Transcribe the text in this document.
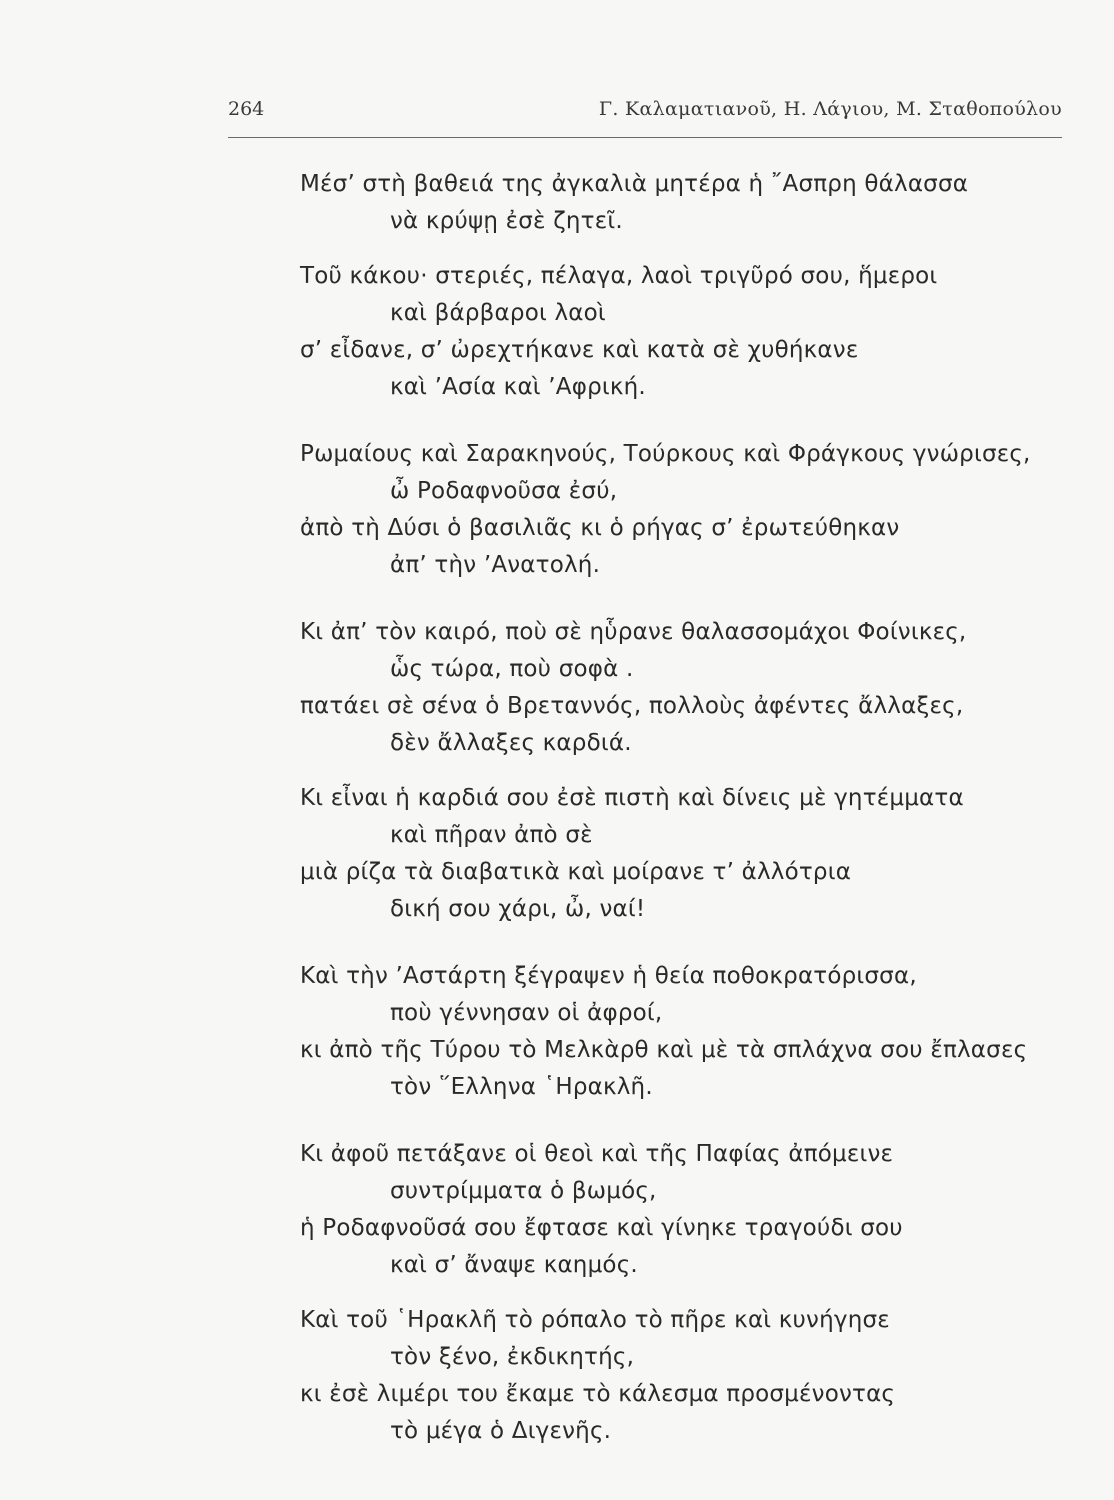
264	Γ. Καλαματιανοῦ, Η. Λάγιου, Μ. Σταθοπούλου
Μέσ’ στὴ βαθειά της ἀγκαλιὰ μητέρα ἡ ῎Ασπρη θάλασσα
νὰ κρύψῃ ἐσὲ ζητεῖ.
Τοῦ κάκου· στεριές, πέλαγα, λαοὶ τριγῦρό σου, ἥμεροι
καὶ βάρβαροι λαοὶ
σ’ εἶδανε, σ’ ὠρεχτήκανε καὶ κατὰ σὲ χυθήκανε
καὶ ’Ασία καὶ ’Αφρική.
Ρωμαίους καὶ Σαρακηνούς, Τούρκους καὶ Φράγκους γνώρισες,
ὦ Ροδαφνοῦσα ἐσύ,
ἀπὸ τὴ Δύσι ὁ βασιλιᾶς κι ὁ ρήγας σ’ ἐρωτεύθηκαν
ἀπ’ τὴν ’Ανατολή.
Κι ἀπ’ τὸν καιρό, ποὺ σὲ ηὗρανε θαλασσομάχοι Φοίνικες,
ὧς τώρα, ποὺ σοφὰ .
πατάει σὲ σένα ὁ Βρεταννός, πολλοὺς ἀφέντες ἄλλαξες,
δὲν ἄλλαξες καρδιά.
Κι εἶναι ἡ καρδιά σου ἐσὲ πιστὴ καὶ δίνεις μὲ γητέμματα
καὶ πῆραν ἀπὸ σὲ
μιὰ ρίζα τὰ διαβατικὰ καὶ μοίρανε τ’ ἀλλότρια
δική σου χάρι, ὦ, ναί!
Καὶ τὴν ’Αστάρτη ξέγραψεν ἡ θεία ποθοκρατόρισσα,
ποὺ γέννησαν οἱ ἀφροί,
κι ἀπὸ τῆς Τύρου τὸ Μελκὰρθ καὶ μὲ τὰ σπλάχνα σου ἔπλασες
τὸν ῞Ελληνα ῾Ηρακλῆ.
Κι ἀφοῦ πετάξανε οἱ θεοὶ καὶ τῆς Παφίας ἀπόμεινε
συντρίμματα ὁ βωμός,
ἡ Ροδαφνοῦσά σου ἔφτασε καὶ γίνηκε τραγούδι σου
καὶ σ’ ἄναψε καημός.
Καὶ τοῦ ῾Ηρακλῆ τὸ ρόπαλο τὸ πῆρε καὶ κυνήγησε
τὸν ξένο, ἐκδικητής,
κι ἐσὲ λιμέρι του ἔκαμε τὸ κάλεσμα προσμένοντας
τὸ μέγα ὁ Διγενῆς.
